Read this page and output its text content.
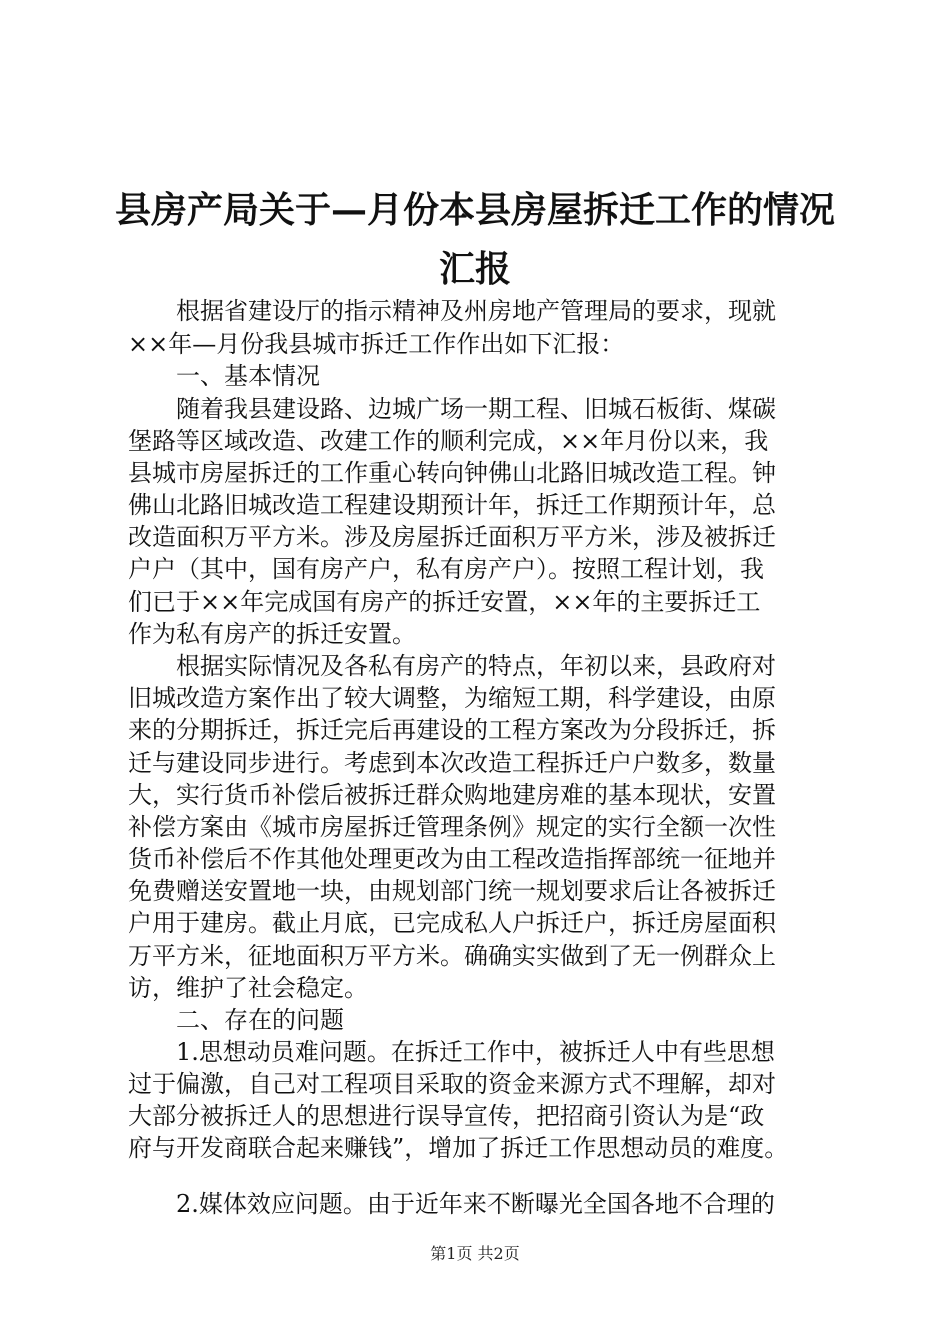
县房产局关于—月份本县房屋拆迁工作的情况
汇报

　　根据省建设厅的指示精神及州房地产管理局的要求，现就

××年—月份我县城市拆迁工作作出如下汇报：

　　一、基本情况

　　随着我县建设路、边城广场一期工程、旧城石板街、煤碳

堡路等区域改造、改建工作的顺利完成，××年月份以来，我

县城市房屋拆迁的工作重心转向钟佛山北路旧城改造工程。钟

佛山北路旧城改造工程建设期预计年，拆迁工作期预计年，总

改造面积万平方米。涉及房屋拆迁面积万平方米，涉及被拆迁

户户（其中，国有房产户，私有房产户）。按照工程计划，我

们已于××年完成国有房产的拆迁安置，××年的主要拆迁工

作为私有房产的拆迁安置。

　　根据实际情况及各私有房产的特点，年初以来，县政府对

旧城改造方案作出了较大调整，为缩短工期，科学建设，由原

来的分期拆迁，拆迁完后再建设的工程方案改为分段拆迁，拆

迁与建设同步进行。考虑到本次改造工程拆迁户户数多，数量

大，实行货币补偿后被拆迁群众购地建房难的基本现状，安置

补偿方案由《城市房屋拆迁管理条例》规定的实行全额一次性

货币补偿后不作其他处理更改为由工程改造指挥部统一征地并

免费赠送安置地一块，由规划部门统一规划要求后让各被拆迁

户用于建房。截止月底，已完成私人户拆迁户，拆迁房屋面积

万平方米，征地面积万平方米。确确实实做到了无一例群众上

访，维护了社会稳定。

　　二、存在的问题

　　1.思想动员难问题。在拆迁工作中，被拆迁人中有些思想

过于偏激，自己对工程项目采取的资金来源方式不理解，却对

大部分被拆迁人的思想进行误导宣传，把招商引资认为是“政

府与开发商联合起来赚钱”，增加了拆迁工作思想动员的难度。

　　2.媒体效应问题。由于近年来不断曝光全国各地不合理的

第1页 共2页
